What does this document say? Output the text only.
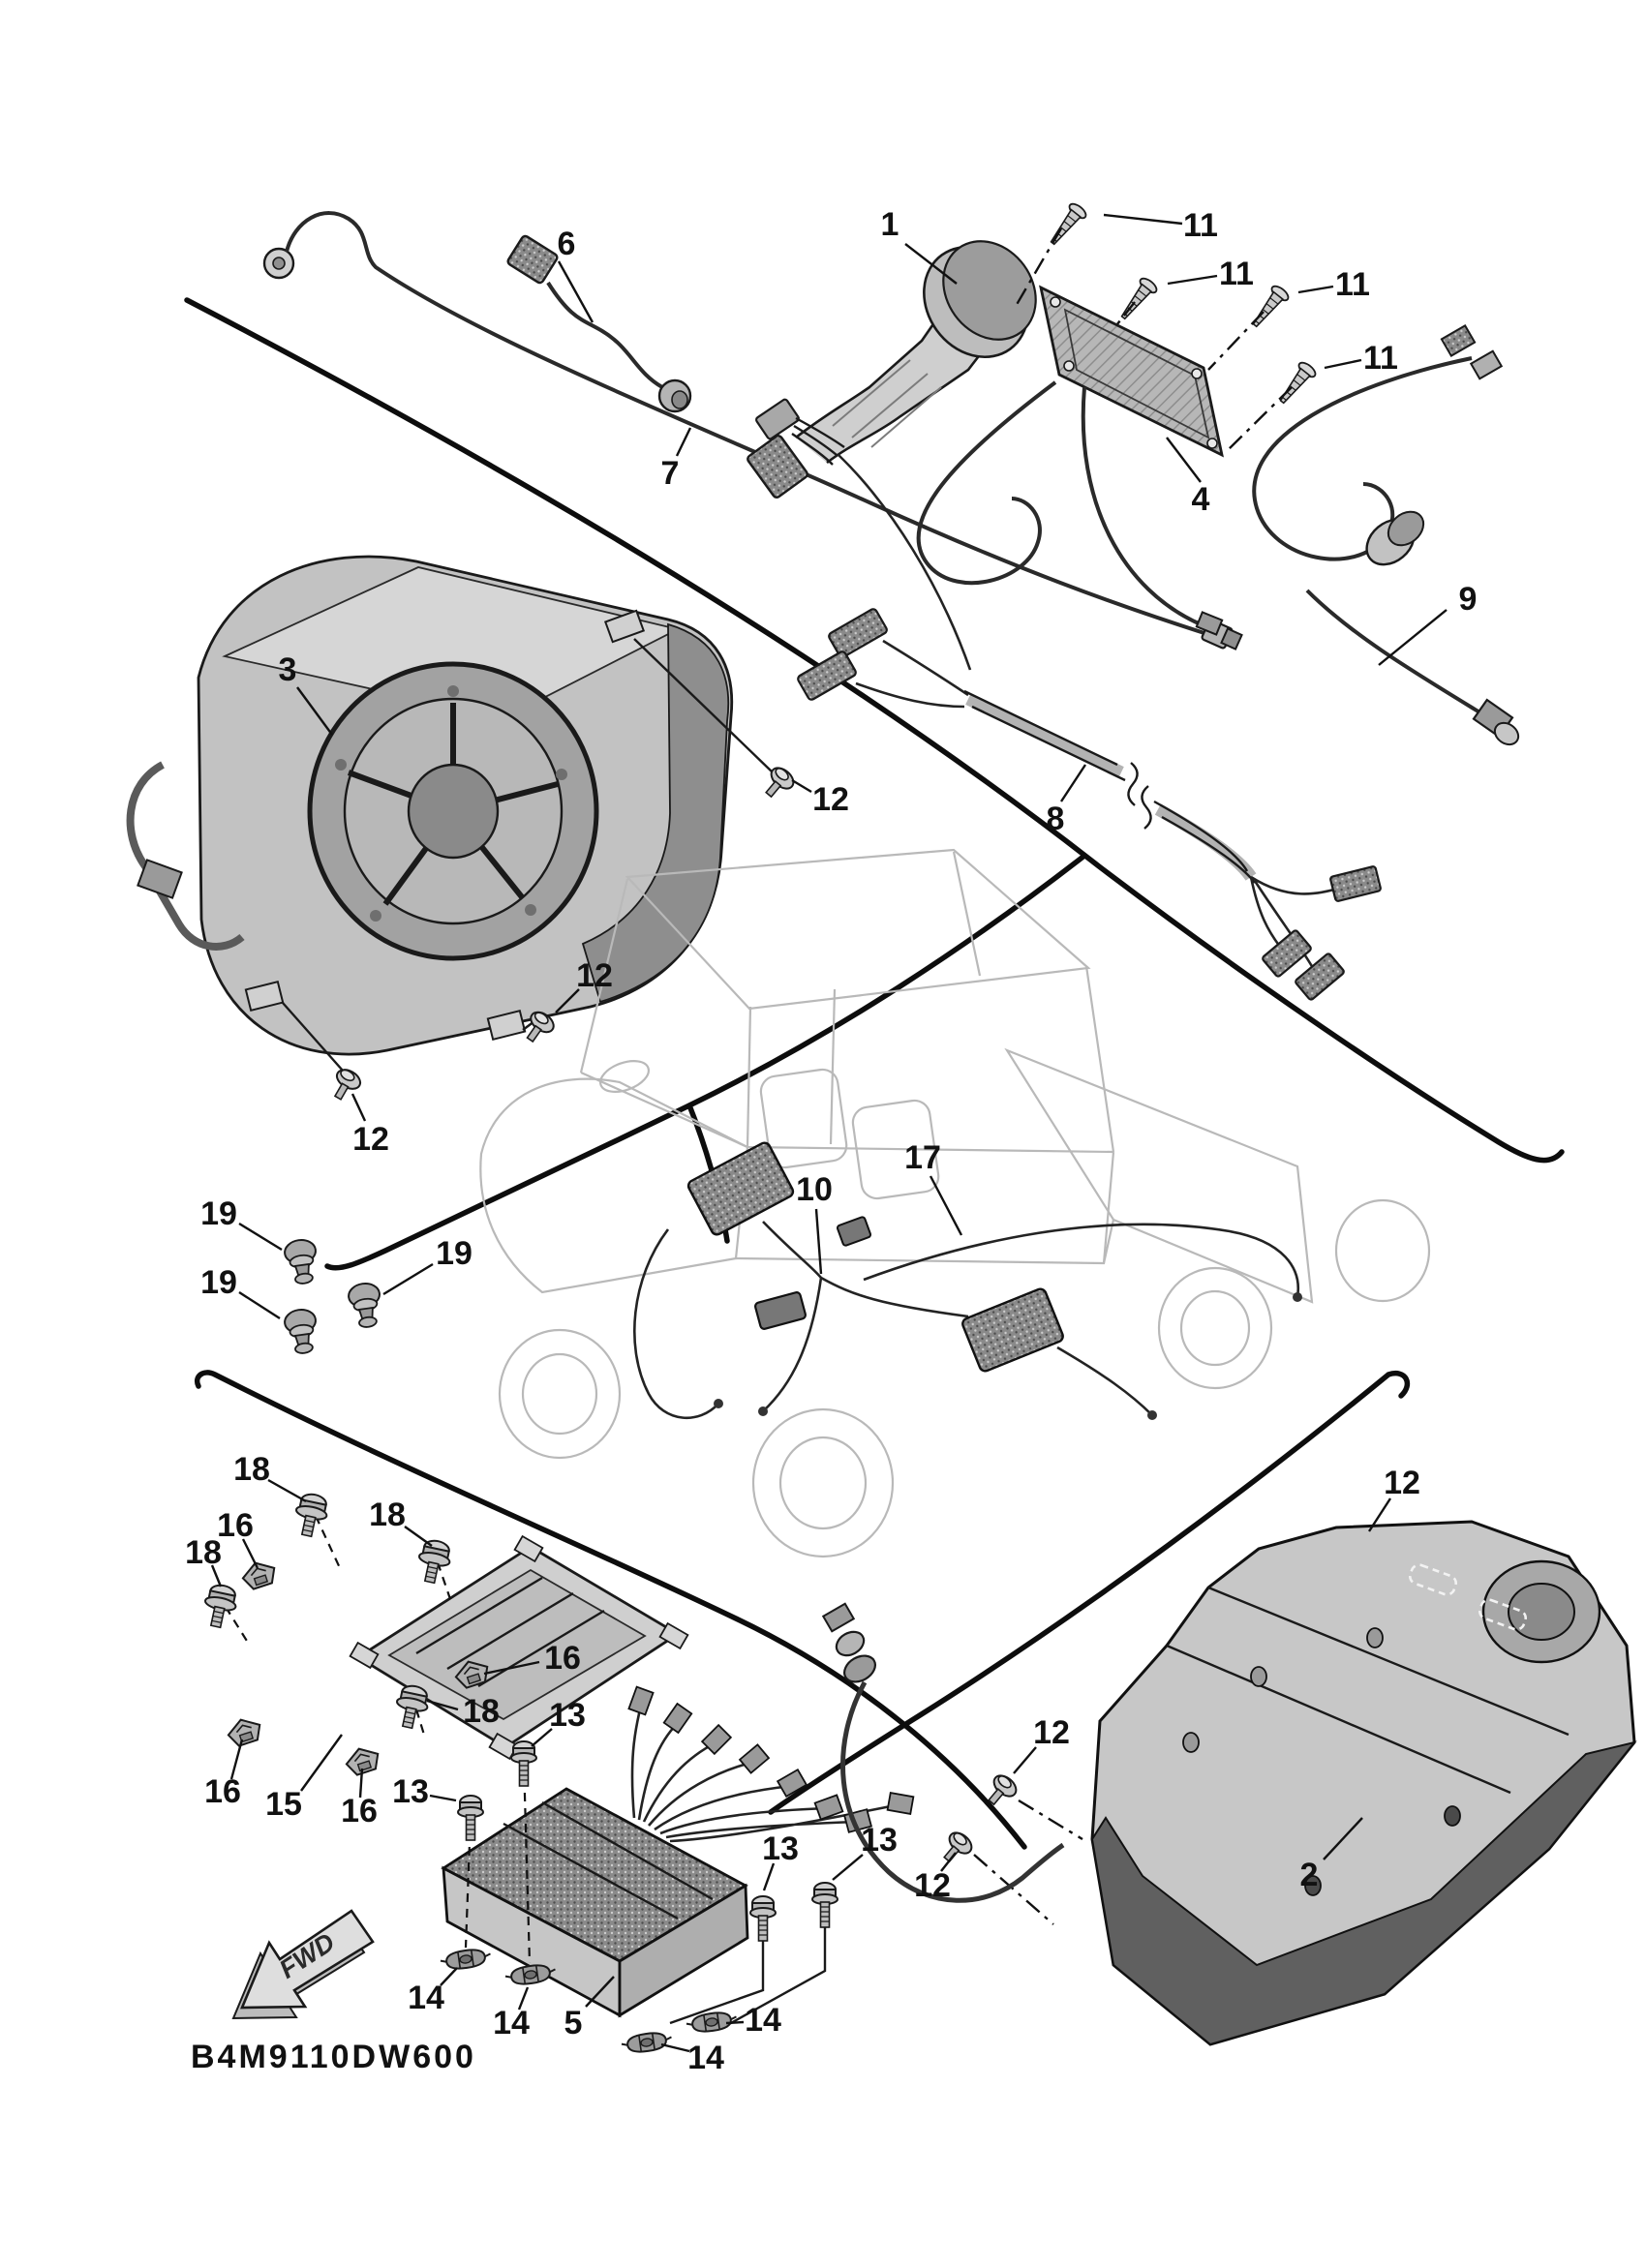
FWD
B4M9110DW600
1	11
11 11
11
6
7
4
9
3
12
8
12
12
19
19
19
10
17
18
16	18
18
16
18 13
16 15 16
13
13 13
14
14 5
14
14
12
12
12	2
